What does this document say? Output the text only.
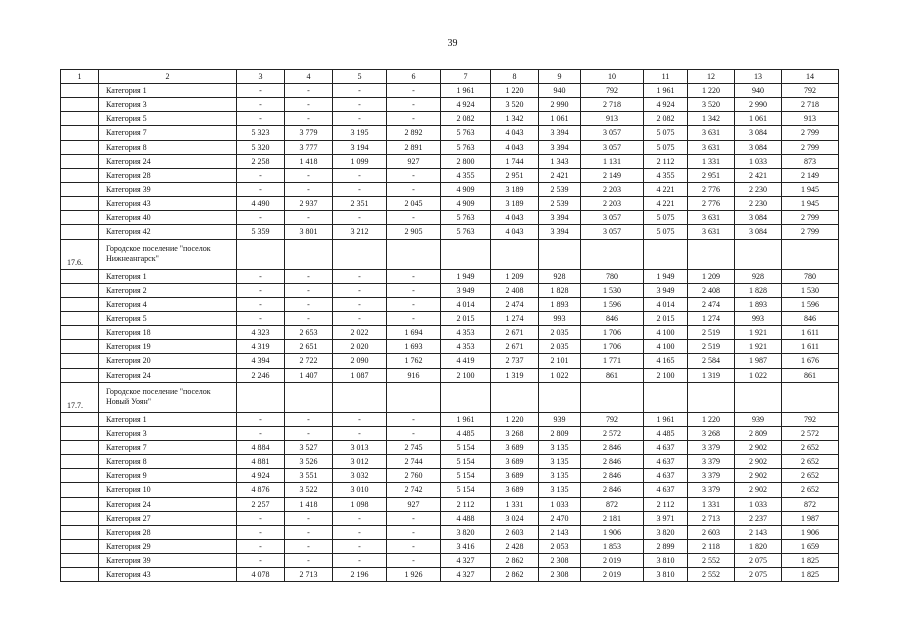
39
1	2	3	4	5	6	7	8	9	10	11	12	13	14
	Категория 1	-	-	-	-	1 961	1 220	940	792	1 961	1 220	940	792
	Категория 3	-	-	-	-	4 924	3 520	2 990	2 718	4 924	3 520	2 990	2 718
	Категория 5	-	-	-	-	2 082	1 342	1 061	913	2 082	1 342	1 061	913
	Категория 7	5 323	3 779	3 195	2 892	5 763	4 043	3 394	3 057	5 075	3 631	3 084	2 799
	Категория 8	5 320	3 777	3 194	2 891	5 763	4 043	3 394	3 057	5 075	3 631	3 084	2 799
	Категория 24	2 258	1 418	1 099	927	2 800	1 744	1 343	1 131	2 112	1 331	1 033	873
	Категория 28	-	-	-	-	4 355	2 951	2 421	2 149	4 355	2 951	2 421	2 149
	Категория 39	-	-	-	-	4 909	3 189	2 539	2 203	4 221	2 776	2 230	1 945
	Категория 43	4 490	2 937	2 351	2 045	4 909	3 189	2 539	2 203	4 221	2 776	2 230	1 945
	Категория 40	-	-	-	-	5 763	4 043	3 394	3 057	5 075	3 631	3 084	2 799
	Категория 42	5 359	3 801	3 212	2 905	5 763	4 043	3 394	3 057	5 075	3 631	3 084	2 799
17.6.	Городское поселение "поселок Нижнеангарск"												
	Категория 1	-	-	-	-	1 949	1 209	928	780	1 949	1 209	928	780
	Категория 2	-	-	-	-	3 949	2 408	1 828	1 530	3 949	2 408	1 828	1 530
	Категория 4	-	-	-	-	4 014	2 474	1 893	1 596	4 014	2 474	1 893	1 596
	Категория 5	-	-	-	-	2 015	1 274	993	846	2 015	1 274	993	846
	Категория 18	4 323	2 653	2 022	1 694	4 353	2 671	2 035	1 706	4 100	2 519	1 921	1 611
	Категория 19	4 319	2 651	2 020	1 693	4 353	2 671	2 035	1 706	4 100	2 519	1 921	1 611
	Категория 20	4 394	2 722	2 090	1 762	4 419	2 737	2 101	1 771	4 165	2 584	1 987	1 676
	Категория 24	2 246	1 407	1 087	916	2 100	1 319	1 022	861	2 100	1 319	1 022	861
17.7.	Городское поселение "поселок Новый Уоян"												
	Категория 1	-	-	-	-	1 961	1 220	939	792	1 961	1 220	939	792
	Категория 3	-	-	-	-	4 485	3 268	2 809	2 572	4 485	3 268	2 809	2 572
	Категория 7	4 884	3 527	3 013	2 745	5 154	3 689	3 135	2 846	4 637	3 379	2 902	2 652
	Категория 8	4 881	3 526	3 012	2 744	5 154	3 689	3 135	2 846	4 637	3 379	2 902	2 652
	Категория 9	4 924	3 551	3 032	2 760	5 154	3 689	3 135	2 846	4 637	3 379	2 902	2 652
	Категория 10	4 876	3 522	3 010	2 742	5 154	3 689	3 135	2 846	4 637	3 379	2 902	2 652
	Категория 24	2 257	1 418	1 098	927	2 112	1 331	1 033	872	2 112	1 331	1 033	872
	Категория 27	-	-	-	-	4 488	3 024	2 470	2 181	3 971	2 713	2 237	1 987
	Категория 28	-	-	-	-	3 820	2 603	2 143	1 906	3 820	2 603	2 143	1 906
	Категория 29	-	-	-	-	3 416	2 428	2 053	1 853	2 899	2 118	1 820	1 659
	Категория 39	-	-	-	-	4 327	2 862	2 308	2 019	3 810	2 552	2 075	1 825
	Категория 43	4 078	2 713	2 196	1 926	4 327	2 862	2 308	2 019	3 810	2 552	2 075	1 825
